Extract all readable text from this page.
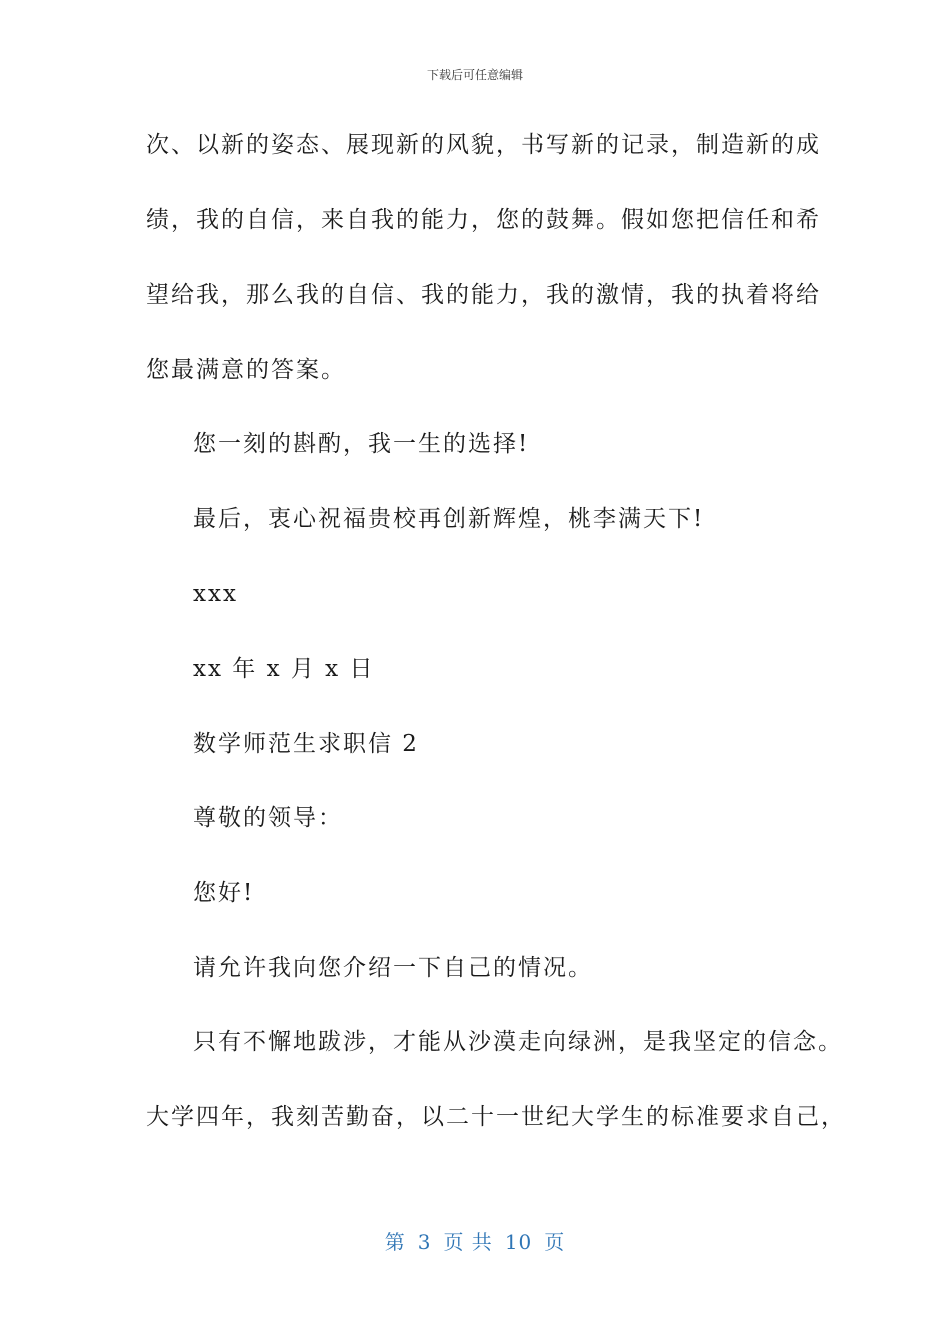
下载后可任意编辑
次、以新的姿态、展现新的风貌，书写新的记录，制造新的成
绩，我的自信，来自我的能力，您的鼓舞。假如您把信任和希
望给我，那么我的自信、我的能力，我的激情，我的执着将给
您最满意的答案。
您一刻的斟酌，我一生的选择!
最后，衷心祝福贵校再创新辉煌，桃李满天下!
xxx
xx 年 x 月 x 日
数学师范生求职信 2
尊敬的领导：
您好!
请允许我向您介绍一下自己的情况。
只有不懈地跋涉，才能从沙漠走向绿洲，是我坚定的信念。
大学四年，我刻苦勤奋，以二十一世纪大学生的标准要求自己，
第 3 页 共 10 页
